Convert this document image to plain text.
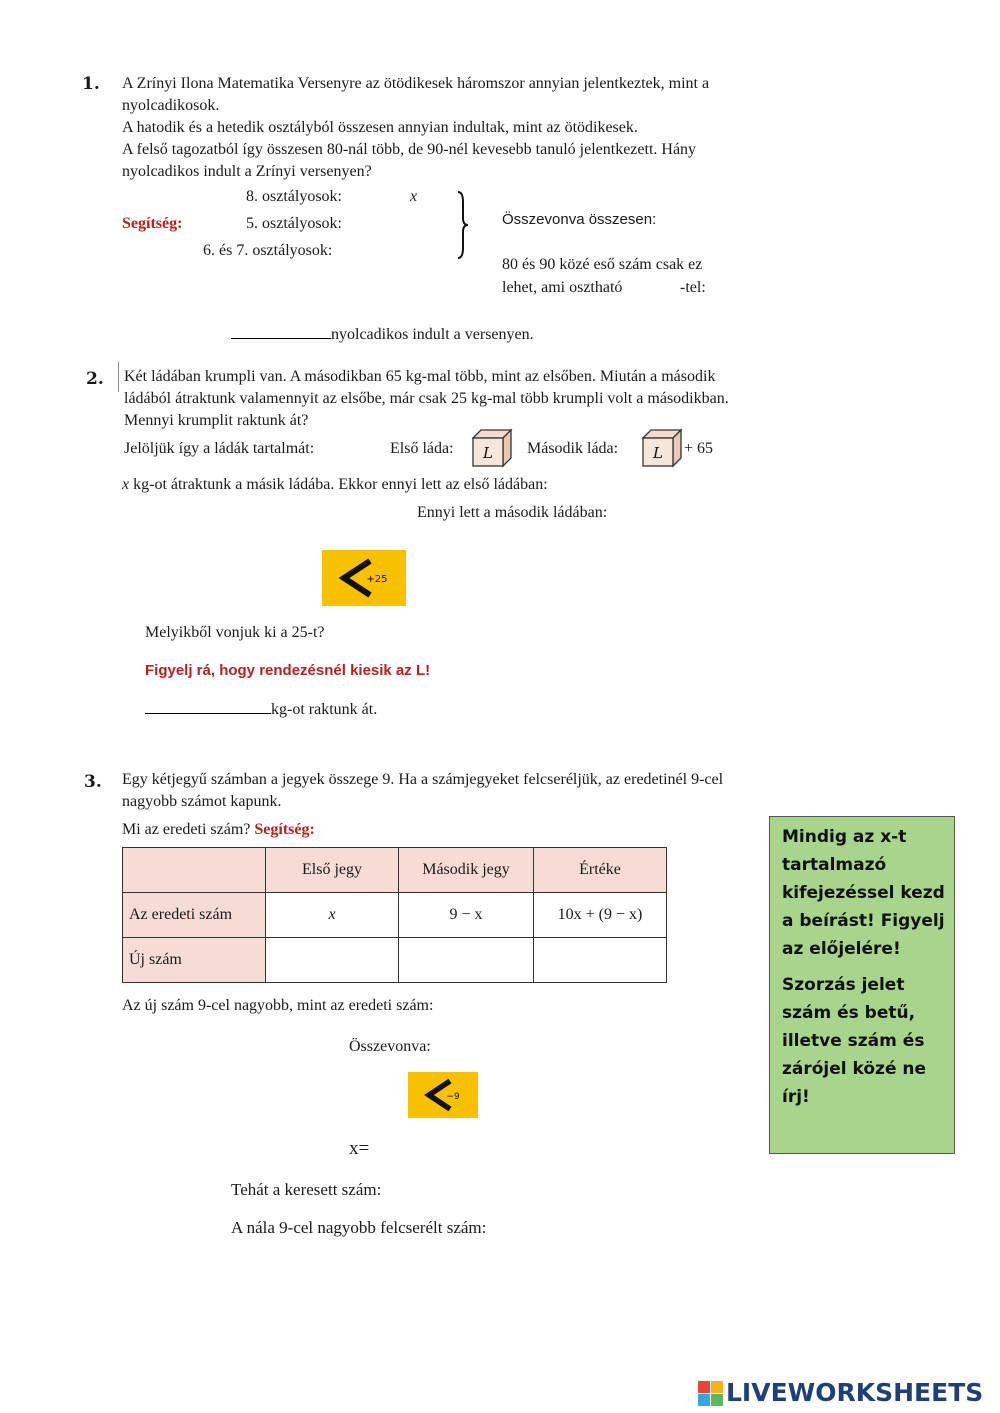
1. A Zrínyi Ilona Matematika Versenyre az ötödikesek háromszor annyian jelentkeztek, mint a
nyolcadikosok.
A hatodik és a hetedik osztályból összesen annyian indultak, mint az ötödikesek.
A felső tagozatból így összesen 80-nál több, de 90-nél kevesebb tanuló jelentkezett. Hány
nyolcadikos indult a Zrínyi versenyen?
8. osztályosok:	x
Segítség:	5. osztályosok:
6. és 7. osztályosok:
Összevonva összesen:
80 és 90 közé eső szám csak ez
lehet, ami osztható	-tel:
nyolcadikos indult a versenyen.
2. Két ládában krumpli van. A másodikban 65 kg-mal több, mint az elsőben. Miután a második
ládából átraktunk valamennyit az elsőbe, már csak 25 kg-mal több krumpli volt a másodikban.
Mennyi krumplit raktunk át?
Jelöljük így a ládák tartalmát:	Első láda: L Második láda: L + 65
x kg-ot átraktunk a másik ládába. Ekkor ennyi lett az első ládában:
Ennyi lett a második ládában:
+25
Melyikből vonjuk ki a 25-t?
Figyelj rá, hogy rendezésnél kiesik az L!
kg-ot raktunk át.
3. Egy kétjegyű számban a jegyek összege 9. Ha a számjegyeket felcseréljük, az eredetinél 9-cel
nagyobb számot kapunk.
Mi az eredeti szám? Segítség:
	Első jegy	Második jegy	Értéke
Az eredeti szám	x	9 − x	10x + (9 − x)
Új szám			
Az új szám 9-cel nagyobb, mint az eredeti szám:
Összevonva:
−9
x=
Tehát a keresett szám:
A nála 9-cel nagyobb felcserélt szám:

Mindig az x-t tartalmazó kifejezéssel kezd a beírást! Figyelj az előjelére!

Szorzás jelet szám és betű, illetve szám és zárójel közé ne írj!

LIVEWORKSHEETS
